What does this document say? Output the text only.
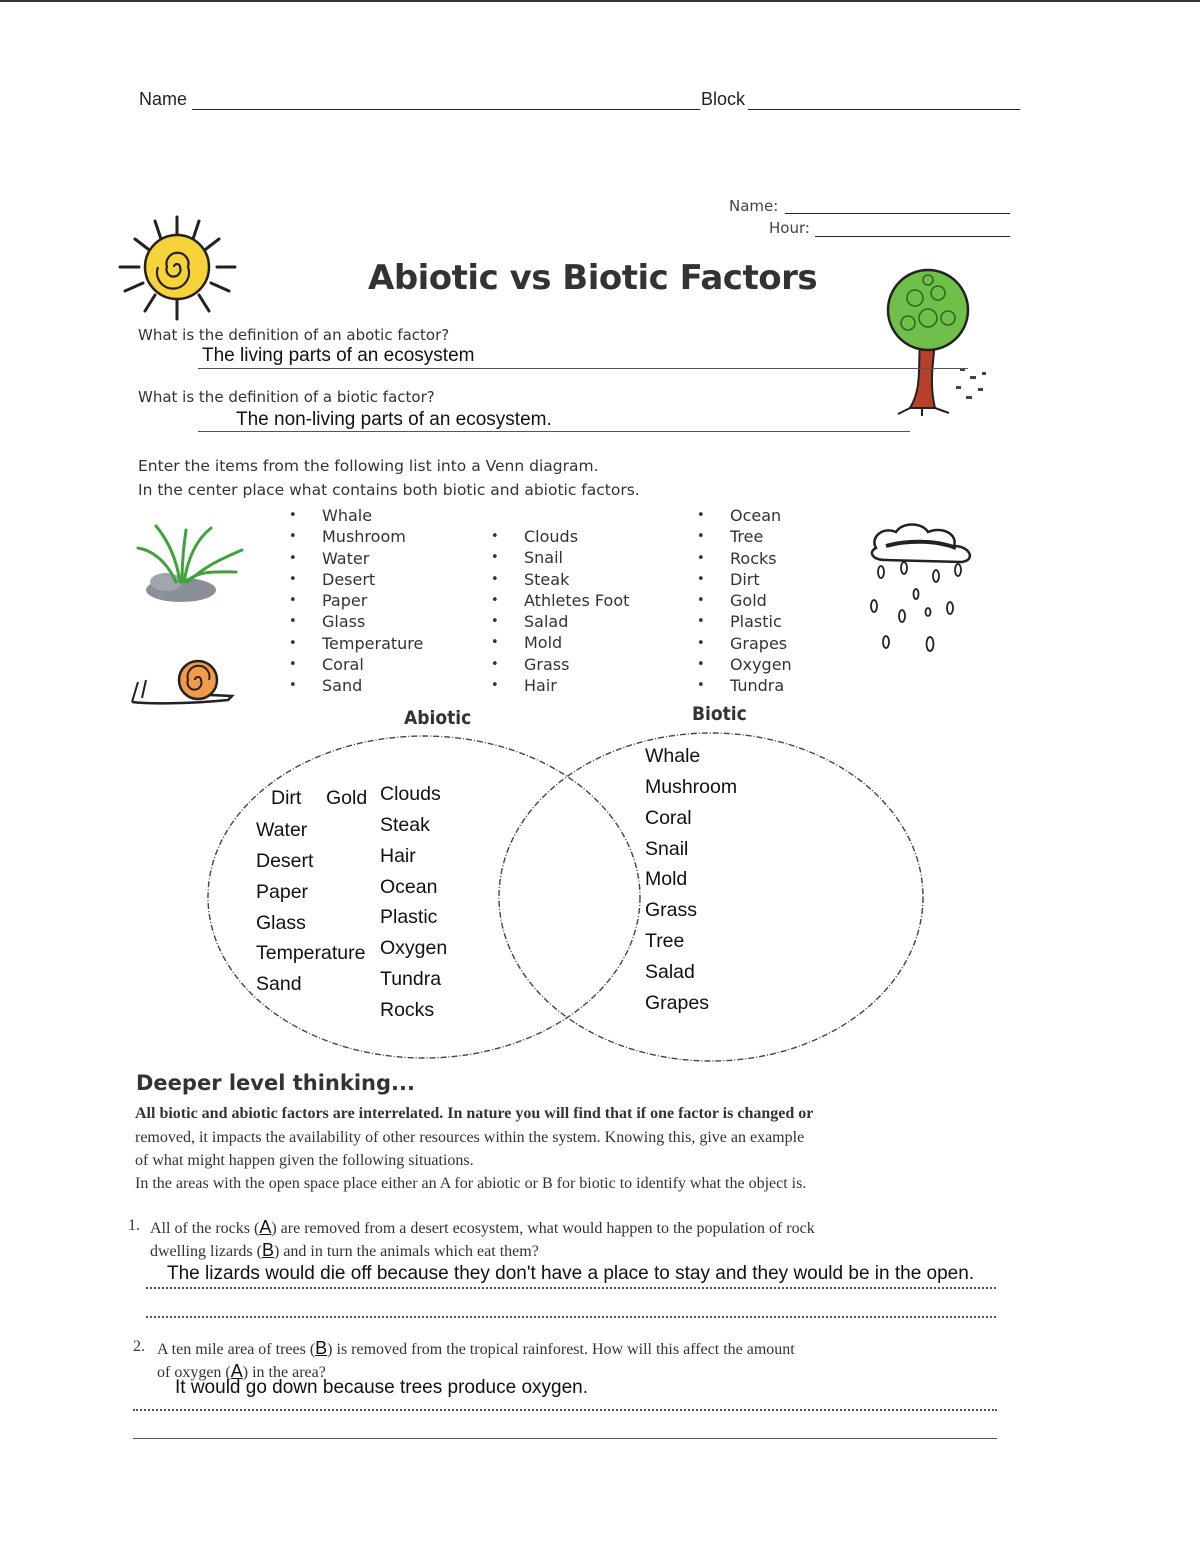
Name	Block
Name:
Hour:
Abiotic vs Biotic Factors
What is the definition of an abotic factor?
The living parts of an ecosystem
What is the definition of a biotic factor?
The non-living parts of an ecosystem.
Enter the items from the following list into a Venn diagram.
In the center place what contains both biotic and abiotic factors.
• Whale
• Mushroom
• Water
• Desert
• Paper
• Glass
• Temperature
• Coral
• Sand
• Clouds
• Snail
• Steak
• Athletes Foot
• Salad
• Mold
• Grass
• Hair
• Ocean
• Tree
• Rocks
• Dirt
• Gold
• Plastic
• Grapes
• Oxygen
• Tundra
Abiotic	Biotic
Dirt Gold
Water
Desert
Paper
Glass
Temperature
Sand
Clouds
Steak
Hair
Ocean
Plastic
Oxygen
Tundra
Rocks
Whale
Mushroom
Coral
Snail
Mold
Grass
Tree
Salad
Grapes
Deeper level thinking...
All biotic and abiotic factors are interrelated. In nature you will find that if one factor is changed or
removed, it impacts the availability of other resources within the system. Knowing this, give an example
of what might happen given the following situations.
In the areas with the open space place either an A for abiotic or B for biotic to identify what the object is.
1. All of the rocks (A) are removed from a desert ecosystem, what would happen to the population of rock
dwelling lizards (B) and in turn the animals which eat them?
The lizards would die off because they don't have a place to stay and they would be in the open.
2. A ten mile area of trees (B) is removed from the tropical rainforest. How will this affect the amount
of oxygen (A) in the area?
It would go down because trees produce oxygen.
